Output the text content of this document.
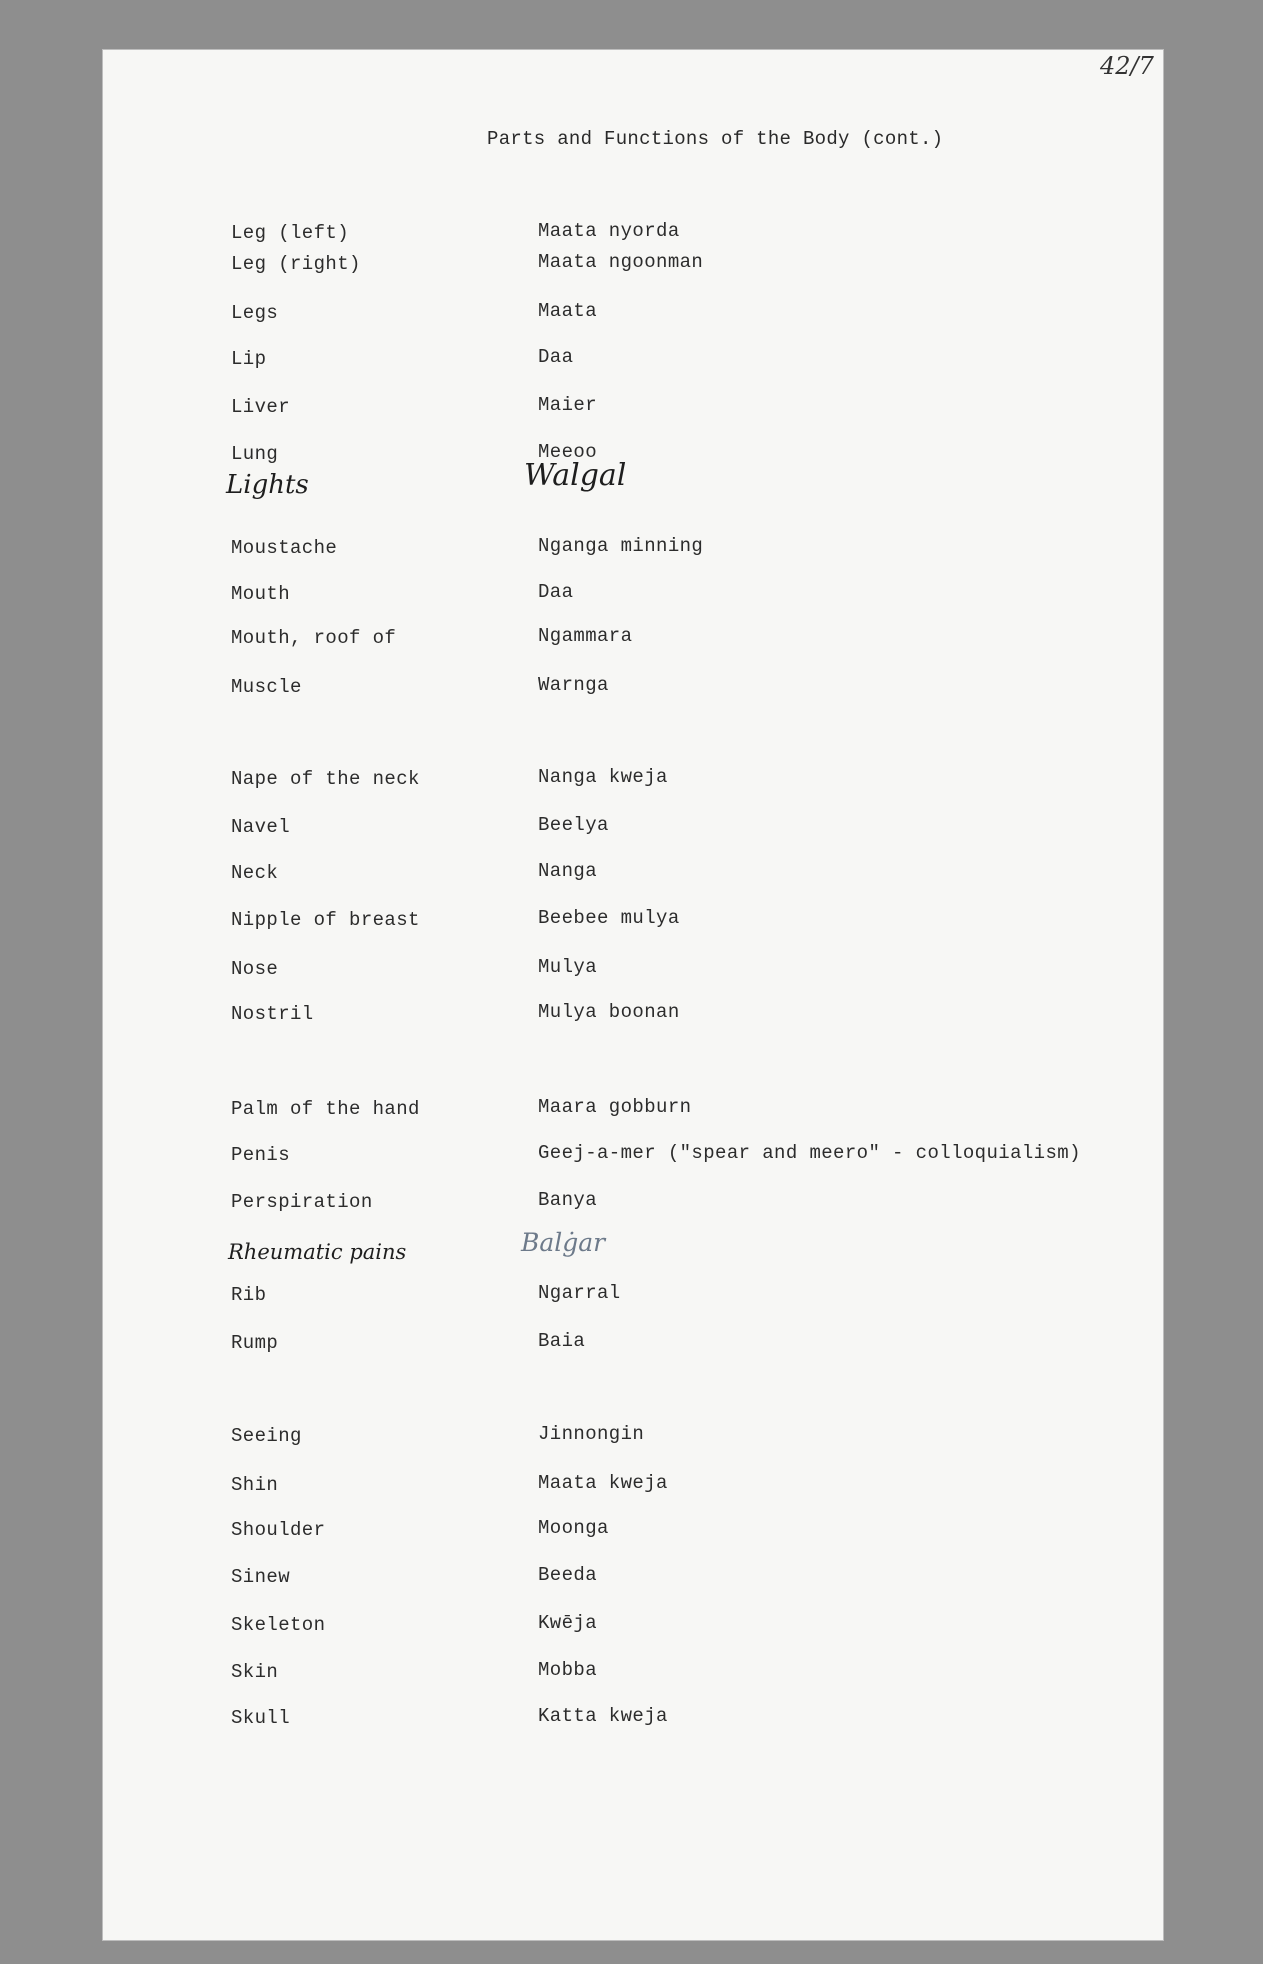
42/7
Parts and Functions of the Body (cont.)
Leg (left)	Maata nyorda
Leg (right)	Maata ngoonman
Legs	Maata
Lip	Daa
Liver	Maier
Lung	Meeoo
Lights	Walgal
Moustache	Nganga minning
Mouth	Daa
Mouth, roof of	Ngammara
Muscle	Warnga
Nape of the neck	Nanga kweja
Navel	Beelya
Neck	Nanga
Nipple of breast	Beebee mulya
Nose	Mulya
Nostril	Mulya boonan
Palm of the hand	Maara gobburn
Penis	Geej-a-mer ("spear and meero" - colloquialism)
Perspiration	Banya
Rheumatic pains	Balġar
Rib	Ngarral
Rump	Baia
Seeing	Jinnongin
Shin	Maata kweja
Shoulder	Moonga
Sinew	Beeda
Skeleton	Kwēja
Skin	Mobba
Skull	Katta kweja
